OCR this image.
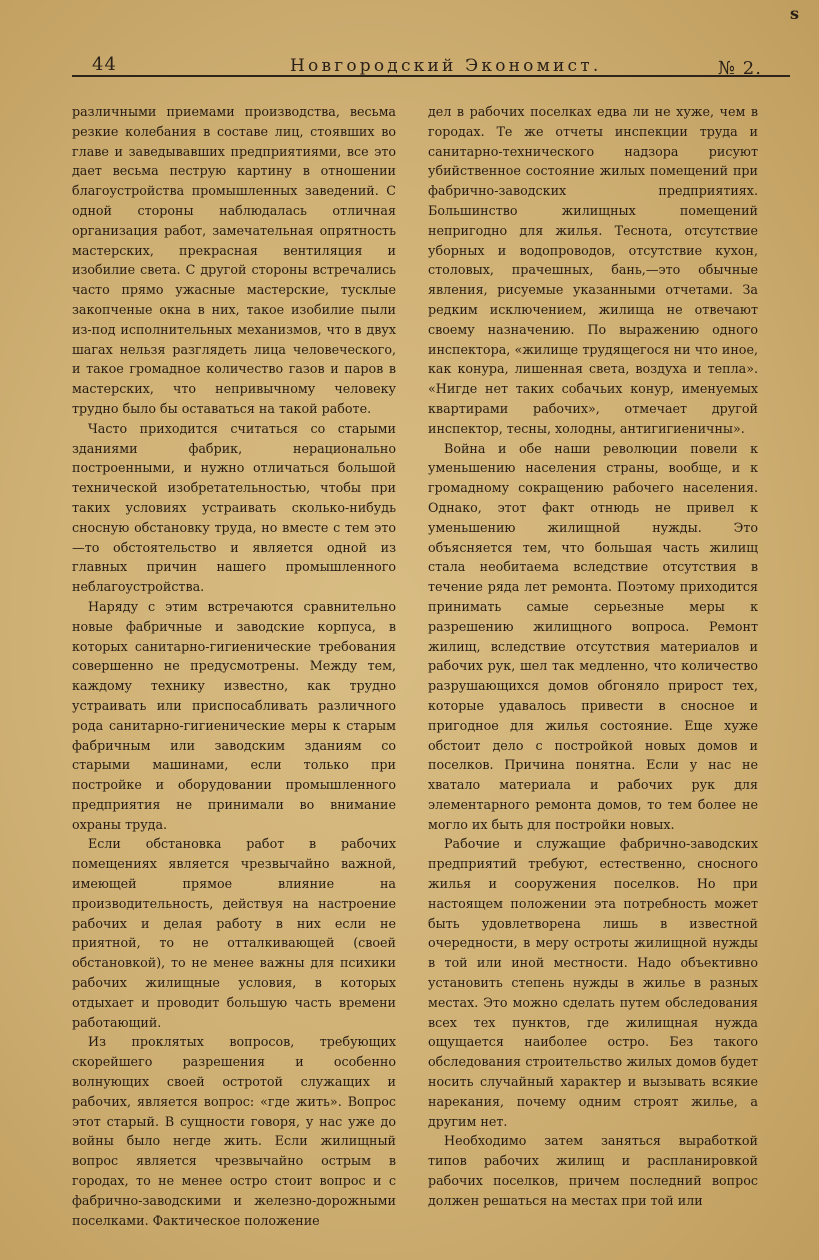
s
44	Новгородский Экономист.	№ 2.

различными приемами производства, весьма резкие колебания в составе лиц, стоявших во главе и заведывавших предприятиями, все это дает весьма пеструю картину в отношении благоустройства промышленных заведений. С одной стороны наблюдалась отличная организация работ, замечательная опрятность мастерских, прекрасная вентиляция и изобилие света. С другой стороны встречались часто прямо ужасные мастерские, тусклые закопченые окна в них, такое изобилие пыли из-под исполнительных механизмов, что в двух шагах нельзя разглядеть лица человеческого, и такое громадное количество газов и паров в мастерских, что непривычному человеку трудно было бы оставаться на такой работе.

Часто приходится считаться со старыми зданиями фабрик, нерационально построенными, и нужно отличаться большой технической изобретательностью, чтобы при таких условиях устраивать сколько-нибудь сносную обстановку труда, но вместе с тем это—то обстоятельство и является одной из главных причин нашего промышленного неблагоустройства.

Наряду с этим встречаются сравнительно новые фабричные и заводские корпуса, в которых санитарно-гигиенические требования совершенно не предусмотрены. Между тем, каждому технику известно, как трудно устраивать или приспосабливать различного рода санитарно-гигиенические меры к старым фабричным или заводским зданиям со старыми машинами, если только при постройке и оборудовании промышленного предприятия не принимали во внимание охраны труда.

Если обстановка работ в рабочих помещениях является чрезвычайно важной, имеющей прямое влияние на производительность, действуя на настроение рабочих и делая работу в них если не приятной, то не отталкивающей (своей обстановкой), то не менее важны для психики рабочих жилищные условия, в которых отдыхает и проводит большую часть времени работающий.

Из проклятых вопросов, требующих скорейшего разрешения и особенно волнующих своей остротой служащих и рабочих, является вопрос: «где жить». Вопрос этот старый. В сущности говоря, у нас уже до войны было негде жить. Если жилищный вопрос является чрезвычайно острым в городах, то не менее остро стоит вопрос и с фабрично-заводскими и железно-дорожными поселками. Фактическое положение

дел в рабочих поселках едва ли не хуже, чем в городах. Те же отчеты инспекции труда и санитарно-технического надзора рисуют убийственное состояние жилых помещений при фабрично-заводских предприятиях. Большинство жилищных помещений непригодно для жилья. Теснота, отсутствие уборных и водопроводов, отсутствие кухон, столовых, прачешных, бань,—это обычные явления, рисуемые указанными отчетами. За редким исключением, жилища не отвечают своему назначению. По выражению одного инспектора, «жилище трудящегося ни что иное, как конура, лишенная света, воздуха и тепла». «Нигде нет таких собачьих конур, именуемых квартирами рабочих», отмечает другой инспектор, тесны, холодны, антигигиеничны».

Война и обе наши революции повели к уменьшению населения страны, вообще, и к громадному сокращению рабочего населения. Однако, этот факт отнюдь не привел к уменьшению жилищной нужды. Это объясняется тем, что большая часть жилищ стала необитаема вследствие отсутствия в течение ряда лет ремонта. Поэтому приходится принимать самые серьезные меры к разрешению жилищного вопроса. Ремонт жилищ, вследствие отсутствия материалов и рабочих рук, шел так медленно, что количество разрушающихся домов обгоняло прирост тех, которые удавалось привести в сносное и пригодное для жилья состояние. Еще хуже обстоит дело с постройкой новых домов и поселков. Причина понятна. Если у нас не хватало материала и рабочих рук для элементарного ремонта домов, то тем более не могло их быть для постройки новых.

Рабочие и служащие фабрично-заводских предприятий требуют, естественно, сносного жилья и сооружения поселков. Но при настоящем положении эта потребность может быть удовлетворена лишь в известной очередности, в меру остроты жилищной нужды в той или иной местности. Надо объективно установить степень нужды в жилье в разных местах. Это можно сделать путем обследования всех тех пунктов, где жилищная нужда ощущается наиболее остро. Без такого обследования строительство жилых домов будет носить случайный характер и вызывать всякие нарекания, почему одним строят жилье, а другим нет.

Необходимо затем заняться выработкой типов рабочих жилищ и распланировкой рабочих поселков, причем последний вопрос должен решаться на местах при той или
